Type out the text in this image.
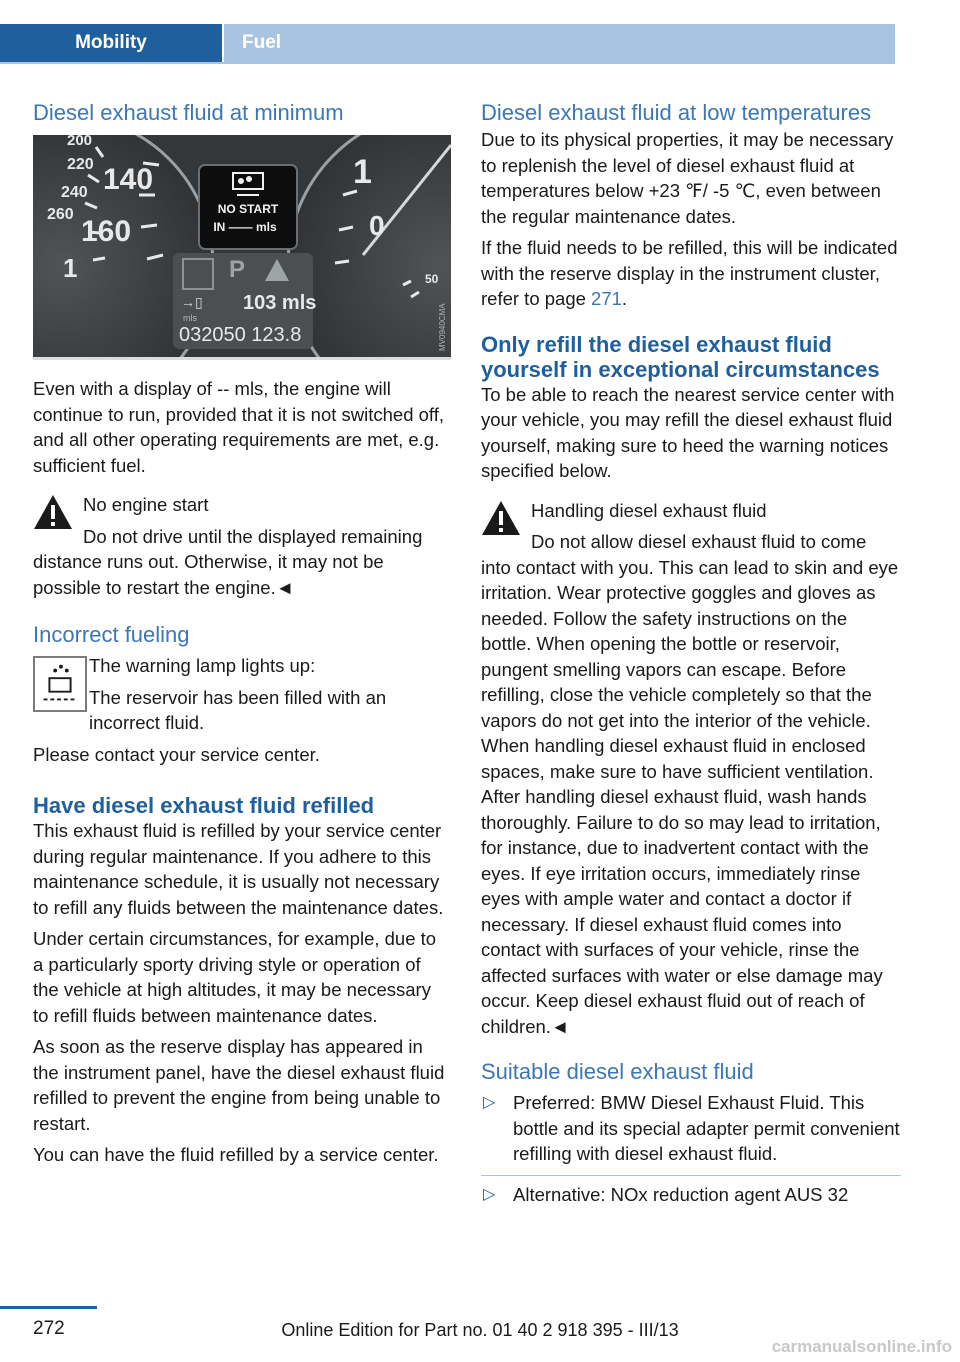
Mobility	Fuel
Diesel exhaust fluid at minimum
200
220
240
260
140
160
1
1
0
50
NO START
IN —— mls
P
→▯ 103 mls
mls
032050 123.8	MV0940CMA

Even with a display of -- mls, the engine will continue to run, provided that it is not switched off, and all other operating requirements are met, e.g. sufficient fuel.

No engine start

Do not drive until the displayed remaining distance runs out. Otherwise, it may not be possible to restart the engine.◄

Incorrect fueling

The warning lamp lights up:

The reservoir has been filled with an incorrect fluid.

Please contact your service center.

Have diesel exhaust fluid refilled

This exhaust fluid is refilled by your service center during regular maintenance. If you adhere to this maintenance schedule, it is usually not necessary to refill any fluids between the maintenance dates.

Under certain circumstances, for example, due to a particularly sporty driving style or operation of the vehicle at high altitudes, it may be necessary to refill fluids between maintenance dates.

As soon as the reserve display has appeared in the instrument panel, have the diesel exhaust fluid refilled to prevent the engine from being unable to restart.

You can have the fluid refilled by a service center.

Diesel exhaust fluid at low temperatures

Due to its physical properties, it may be necessary to replenish the level of diesel exhaust fluid at temperatures below +23 ℉/ -5 ℃, even between the regular maintenance dates.

If the fluid needs to be refilled, this will be indicated with the reserve display in the instrument cluster, refer to page 271.

Only refill the diesel exhaust fluid yourself in exceptional circumstances

To be able to reach the nearest service center with your vehicle, you may refill the diesel exhaust fluid yourself, making sure to heed the warning notices specified below.

Handling diesel exhaust fluid

Do not allow diesel exhaust fluid to come into contact with you. This can lead to skin and eye irritation. Wear protective goggles and gloves as needed. Follow the safety instructions on the bottle. When opening the bottle or reservoir, pungent smelling vapors can escape. Before refilling, close the vehicle completely so that the vapors do not get into the interior of the vehicle. When handling diesel exhaust fluid in enclosed spaces, make sure to have sufficient ventilation. After handling diesel exhaust fluid, wash hands thoroughly. Failure to do so may lead to irritation, for instance, due to inadvertent contact with the eyes. If eye irritation occurs, immediately rinse eyes with ample water and contact a doctor if necessary. If diesel exhaust fluid comes into contact with surfaces of your vehicle, rinse the affected surfaces with water or else damage may occur. Keep diesel exhaust fluid out of reach of children.◄

Suitable diesel exhaust fluid
▷ Preferred: BMW Diesel Exhaust Fluid. This bottle and its special adapter permit convenient refilling with diesel exhaust fluid.
▷ Alternative: NOx reduction agent AUS 32
272	Online Edition for Part no. 01 40 2 918 395 - III/13
carmanualsonline.info
